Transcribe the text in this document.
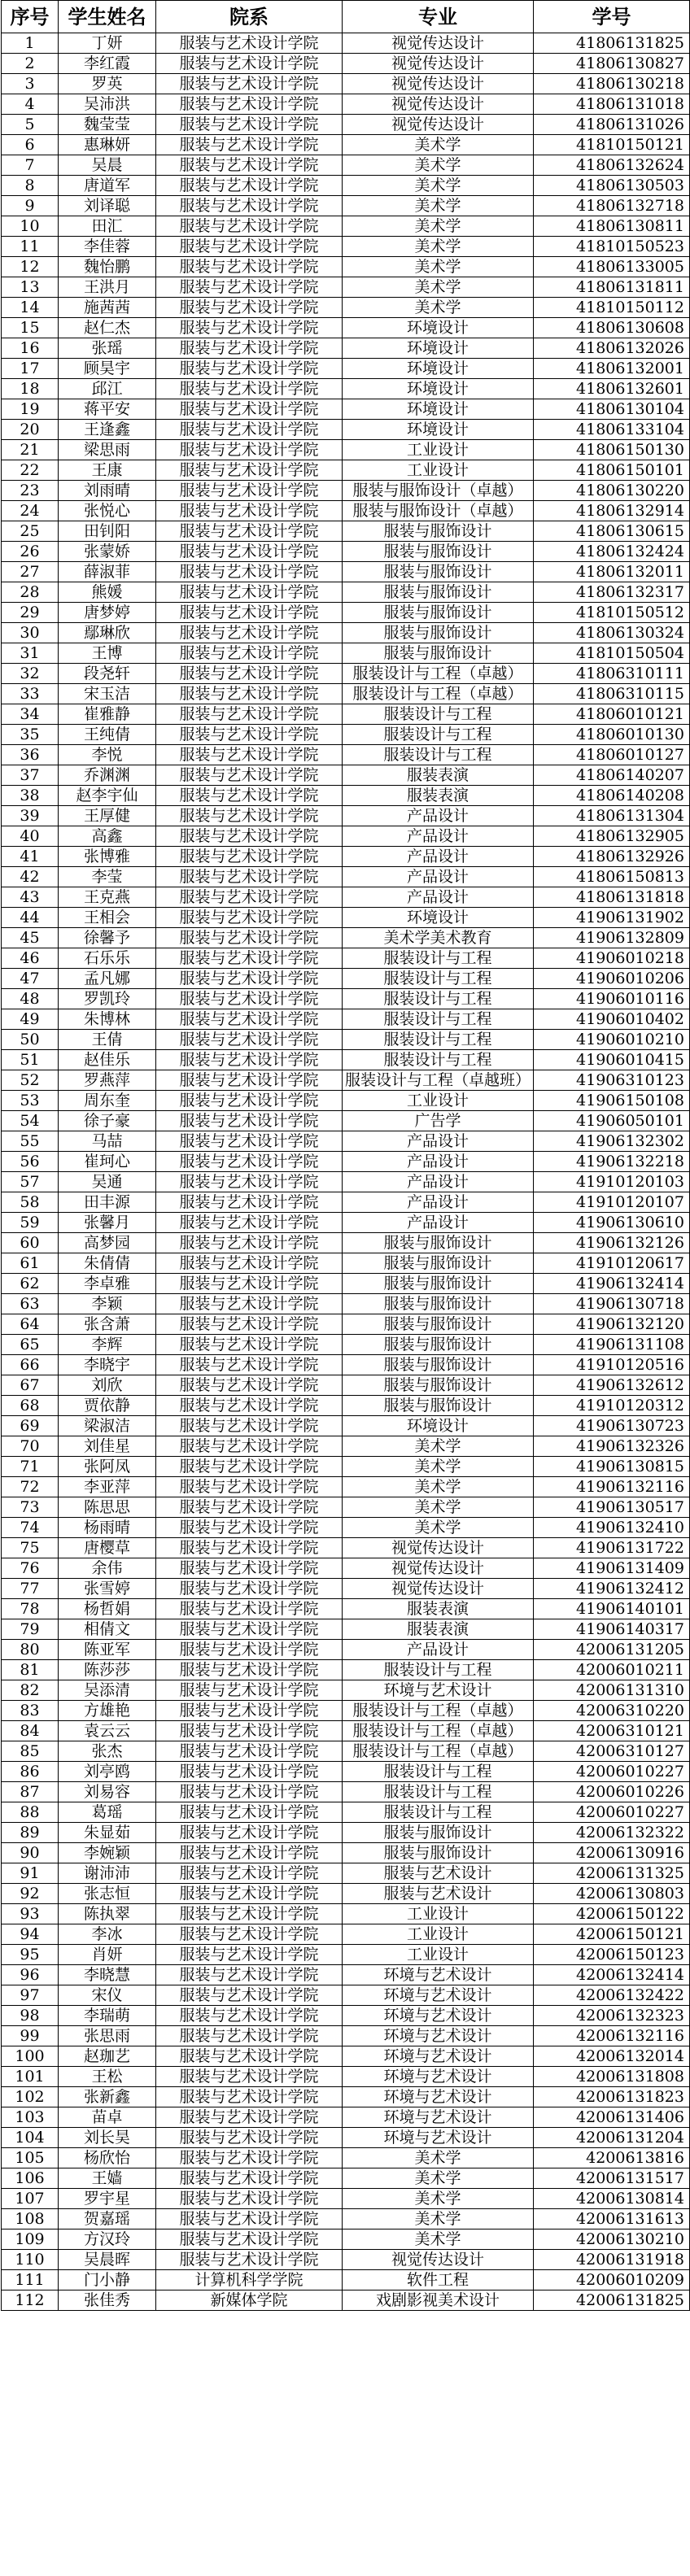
序号	学生姓名	院系	专业	学号
1	丁妍	服装与艺术设计学院	视觉传达设计	41806131825
2	李红霞	服装与艺术设计学院	视觉传达设计	41806130827
3	罗英	服装与艺术设计学院	视觉传达设计	41806130218
4	吴沛洪	服装与艺术设计学院	视觉传达设计	41806131018
5	魏莹莹	服装与艺术设计学院	视觉传达设计	41806131026
6	惠琳妍	服装与艺术设计学院	美术学	41810150121
7	吴晨	服装与艺术设计学院	美术学	41806132624
8	唐道军	服装与艺术设计学院	美术学	41806130503
9	刘译聪	服装与艺术设计学院	美术学	41806132718
10	田汇	服装与艺术设计学院	美术学	41806130811
11	李佳蓉	服装与艺术设计学院	美术学	41810150523
12	魏怡鹏	服装与艺术设计学院	美术学	41806133005
13	王洪月	服装与艺术设计学院	美术学	41806131811
14	施茜茜	服装与艺术设计学院	美术学	41810150112
15	赵仁杰	服装与艺术设计学院	环境设计	41806130608
16	张瑶	服装与艺术设计学院	环境设计	41806132026
17	顾昊宇	服装与艺术设计学院	环境设计	41806132001
18	邱江	服装与艺术设计学院	环境设计	41806132601
19	蒋平安	服装与艺术设计学院	环境设计	41806130104
20	王逢鑫	服装与艺术设计学院	环境设计	41806133104
21	梁思雨	服装与艺术设计学院	工业设计	41806150130
22	王康	服装与艺术设计学院	工业设计	41806150101
23	刘雨晴	服装与艺术设计学院	服装与服饰设计（卓越）	41806130220
24	张悦心	服装与艺术设计学院	服装与服饰设计（卓越）	41806132914
25	田钊阳	服装与艺术设计学院	服装与服饰设计	41806130615
26	张蒙娇	服装与艺术设计学院	服装与服饰设计	41806132424
27	薛淑菲	服装与艺术设计学院	服装与服饰设计	41806132011
28	熊媛	服装与艺术设计学院	服装与服饰设计	41806132317
29	唐梦婷	服装与艺术设计学院	服装与服饰设计	41810150512
30	鄢琳欣	服装与艺术设计学院	服装与服饰设计	41806130324
31	王博	服装与艺术设计学院	服装与服饰设计	41810150504
32	段尧轩	服装与艺术设计学院	服装设计与工程（卓越）	41806310111
33	宋玉洁	服装与艺术设计学院	服装设计与工程（卓越）	41806310115
34	崔雅静	服装与艺术设计学院	服装设计与工程	41806010121
35	王纯倩	服装与艺术设计学院	服装设计与工程	41806010130
36	李悦	服装与艺术设计学院	服装设计与工程	41806010127
37	乔渊渊	服装与艺术设计学院	服装表演	41806140207
38	赵李宇仙	服装与艺术设计学院	服装表演	41806140208
39	王厚健	服装与艺术设计学院	产品设计	41806131304
40	高鑫	服装与艺术设计学院	产品设计	41806132905
41	张博雅	服装与艺术设计学院	产品设计	41806132926
42	李莹	服装与艺术设计学院	产品设计	41806150813
43	王克燕	服装与艺术设计学院	产品设计	41806131818
44	王相会	服装与艺术设计学院	环境设计	41906131902
45	徐馨予	服装与艺术设计学院	美术学美术教育	41906132809
46	石乐乐	服装与艺术设计学院	服装设计与工程	41906010218
47	孟凡娜	服装与艺术设计学院	服装设计与工程	41906010206
48	罗凯玲	服装与艺术设计学院	服装设计与工程	41906010116
49	朱博林	服装与艺术设计学院	服装设计与工程	41906010402
50	王倩	服装与艺术设计学院	服装设计与工程	41906010210
51	赵佳乐	服装与艺术设计学院	服装设计与工程	41906010415
52	罗燕萍	服装与艺术设计学院	服装设计与工程（卓越班）	41906310123
53	周东奎	服装与艺术设计学院	工业设计	41906150108
54	徐子豪	服装与艺术设计学院	广告学	41906050101
55	马喆	服装与艺术设计学院	产品设计	41906132302
56	崔珂心	服装与艺术设计学院	产品设计	41906132218
57	吴通	服装与艺术设计学院	产品设计	41910120103
58	田丰源	服装与艺术设计学院	产品设计	41910120107
59	张馨月	服装与艺术设计学院	产品设计	41906130610
60	高梦园	服装与艺术设计学院	服装与服饰设计	41906132126
61	朱倩倩	服装与艺术设计学院	服装与服饰设计	41910120617
62	李卓雅	服装与艺术设计学院	服装与服饰设计	41906132414
63	李颖	服装与艺术设计学院	服装与服饰设计	41906130718
64	张含萧	服装与艺术设计学院	服装与服饰设计	41906132120
65	李辉	服装与艺术设计学院	服装与服饰设计	41906131108
66	李晓宇	服装与艺术设计学院	服装与服饰设计	41910120516
67	刘欣	服装与艺术设计学院	服装与服饰设计	41906132612
68	贾依静	服装与艺术设计学院	服装与服饰设计	41910120312
69	梁淑洁	服装与艺术设计学院	环境设计	41906130723
70	刘佳星	服装与艺术设计学院	美术学	41906132326
71	张阿凤	服装与艺术设计学院	美术学	41906130815
72	李亚萍	服装与艺术设计学院	美术学	41906132116
73	陈思思	服装与艺术设计学院	美术学	41906130517
74	杨雨晴	服装与艺术设计学院	美术学	41906132410
75	唐樱草	服装与艺术设计学院	视觉传达设计	41906131722
76	余伟	服装与艺术设计学院	视觉传达设计	41906131409
77	张雪婷	服装与艺术设计学院	视觉传达设计	41906132412
78	杨哲娟	服装与艺术设计学院	服装表演	41906140101
79	相倩文	服装与艺术设计学院	服装表演	41906140317
80	陈亚军	服装与艺术设计学院	产品设计	42006131205
81	陈莎莎	服装与艺术设计学院	服装设计与工程	42006010211
82	吴添清	服装与艺术设计学院	环境与艺术设计	42006131310
83	方雄艳	服装与艺术设计学院	服装设计与工程（卓越）	42006310220
84	袁云云	服装与艺术设计学院	服装设计与工程（卓越）	42006310121
85	张杰	服装与艺术设计学院	服装设计与工程（卓越）	42006310127
86	刘亭鸥	服装与艺术设计学院	服装设计与工程	42006010227
87	刘易容	服装与艺术设计学院	服装设计与工程	42006010226
88	葛瑶	服装与艺术设计学院	服装设计与工程	42006010227
89	朱显茹	服装与艺术设计学院	服装与服饰设计	42006132322
90	李婉颖	服装与艺术设计学院	服装与服饰设计	42006130916
91	谢沛沛	服装与艺术设计学院	服装与艺术设计	42006131325
92	张志恒	服装与艺术设计学院	服装与艺术设计	42006130803
93	陈执翠	服装与艺术设计学院	工业设计	42006150122
94	李冰	服装与艺术设计学院	工业设计	42006150121
95	肖妍	服装与艺术设计学院	工业设计	42006150123
96	李晓慧	服装与艺术设计学院	环境与艺术设计	42006132414
97	宋仪	服装与艺术设计学院	环境与艺术设计	42006132422
98	李瑞萌	服装与艺术设计学院	环境与艺术设计	42006132323
99	张思雨	服装与艺术设计学院	环境与艺术设计	42006132116
100	赵珈艺	服装与艺术设计学院	环境与艺术设计	42006132014
101	王松	服装与艺术设计学院	环境与艺术设计	42006131808
102	张新鑫	服装与艺术设计学院	环境与艺术设计	42006131823
103	苗卓	服装与艺术设计学院	环境与艺术设计	42006131406
104	刘长昊	服装与艺术设计学院	环境与艺术设计	42006131204
105	杨欣怡	服装与艺术设计学院	美术学	4200613816
106	王嫱	服装与艺术设计学院	美术学	42006131517
107	罗宇星	服装与艺术设计学院	美术学	42006130814
108	贺嘉瑶	服装与艺术设计学院	美术学	42006131613
109	方汉玲	服装与艺术设计学院	美术学	42006130210
110	吴晨晖	服装与艺术设计学院	视觉传达设计	42006131918
111	门小静	计算机科学学院	软件工程	42006010209
112	张佳秀	新媒体学院	戏剧影视美术设计	42006131825
